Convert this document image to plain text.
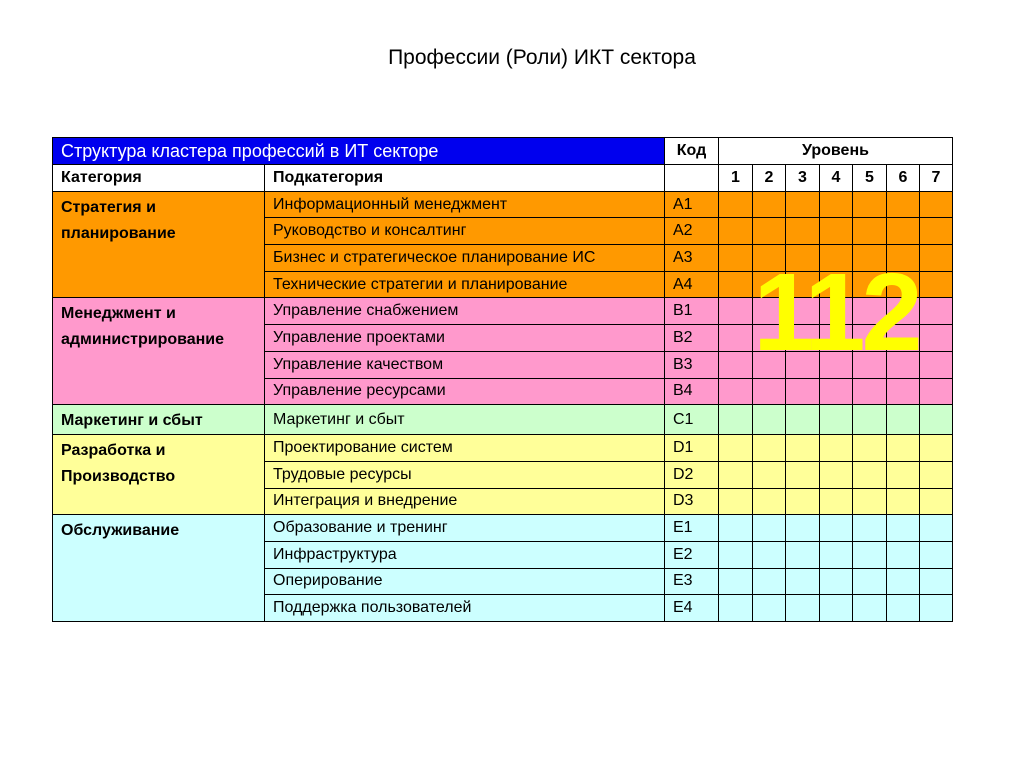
Профессии (Роли) ИКТ сектора
Структура кластера профессий в ИТ секторе		Код	Уровень						
Категория	Подкатегория		1	2	3	4	5	6	7
Стратегия и планирование	Информационный менеджмент	A1							
	Руководство и консалтинг	A2							
	Бизнес и стратегическое планирование ИС	A3							
	Технические стратегии и планирование	A4							
Менеджмент и администрирование	Управление снабжением	B1							
	Управление проектами	B2							
	Управление качеством	B3							
	Управление ресурсами	B4							
Маркетинг и сбыт	Маркетинг и сбыт	C1							
Разработка и Производство	Проектирование систем	D1							
	Трудовые ресурсы	D2							
	Интеграция и внедрение	D3							
Обслуживание	Образование и тренинг	E1							
	Инфраструктура	E2							
	Оперирование	E3							
	Поддержка пользователей	E4							
112
